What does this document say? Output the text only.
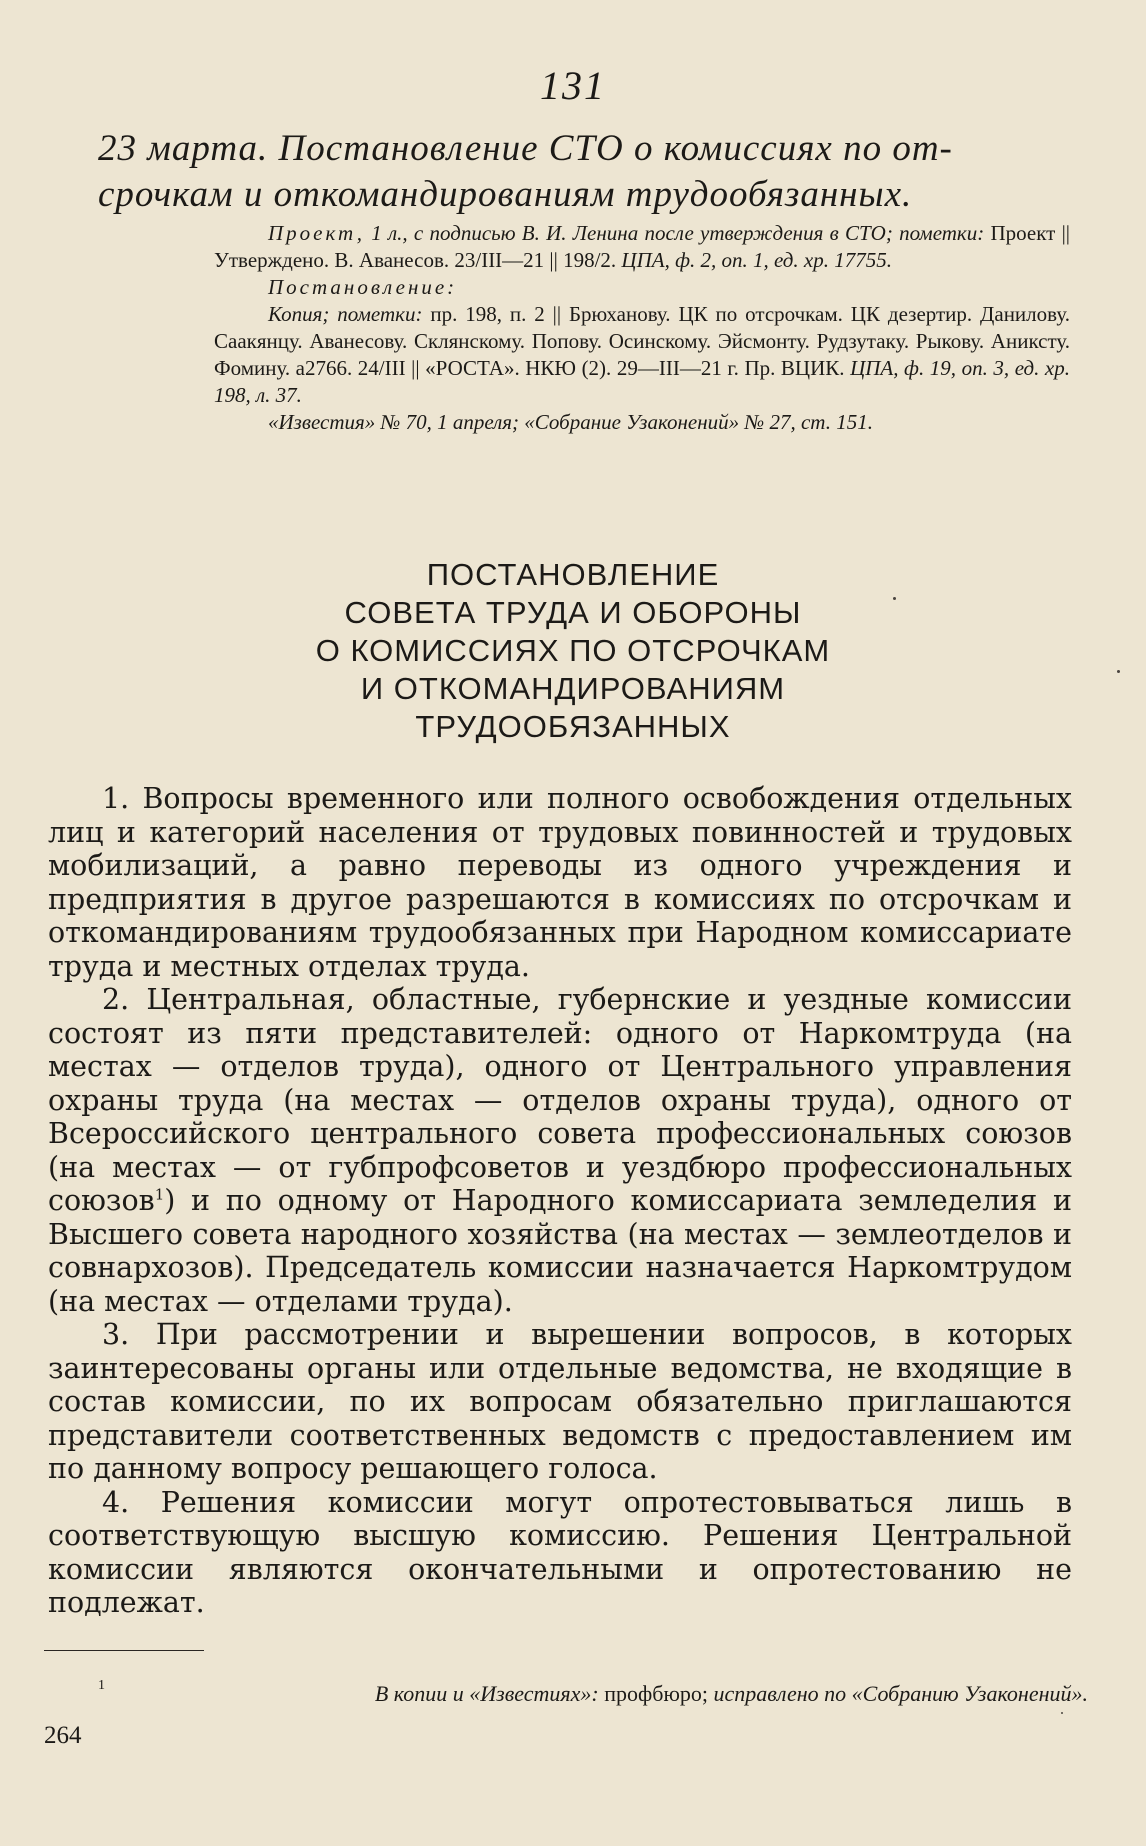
131
23 марта. Постановление СТО о комиссиях по от-

срочкам и откомандированиям трудообязанных.

Проект, 1 л., с подписью В. И. Ленина после утверждения в СТО; пометки: Проект || Утверждено. В. Аванесов. 23/III—21 || 198/2. ЦПА, ф. 2, оп. 1, ед. хр. 17755.

Постановление:

Копия; пометки: пр. 198, п. 2 || Брюханову. ЦК по отсрочкам. ЦК дезертир. Данилову. Саакянцу. Аванесову. Склянскому. Попову. Осинскому. Эйсмонту. Рудзутаку. Рыкову. Аниксту. Фомину. а2766. 24/III || «РОСТА». НКЮ (2). 29—III—21 г. Пр. ВЦИК. ЦПА, ф. 19, оп. 3, ед. хр. 198, л. 37.

«Известия» № 70, 1 апреля; «Собрание Узаконений» № 27, ст. 151.

ПОСТАНОВЛЕНИЕ
СОВЕТА ТРУДА И ОБОРОНЫ
О КОМИССИЯХ ПО ОТСРОЧКАМ
И ОТКОМАНДИРОВАНИЯМ
ТРУДООБЯЗАННЫХ

1. Вопросы временного или полного освобождения отдельных лиц и категорий населения от трудовых повинностей и трудовых мобилизаций, а равно переводы из одного учреждения и предприятия в другое разрешаются в комиссиях по отсрочкам и откомандированиям трудообязанных при Народном комиссариате труда и местных отделах труда.

2. Центральная, областные, губернские и уездные комиссии состоят из пяти представителей: одного от Наркомтруда (на местах — отделов труда), одного от Центрального управления охраны труда (на местах — отделов охраны труда), одного от Всероссийского центрального совета профессиональных союзов (на местах — от губпрофсоветов и уездбюро профессиональных союзов$^1$) и по одному от Народного комиссариата земледелия и Высшего совета народного хозяйства (на местах — землеотделов и совнархозов). Председатель комиссии назначается Наркомтрудом (на местах — отделами труда).

3. При рассмотрении и вырешении вопросов, в которых заинтересованы органы или отдельные ведомства, не входящие в состав комиссии, по их вопросам обязательно приглашаются представители соответственных ведомств с предоставлением им по данному вопросу решающего голоса.

4. Решения комиссии могут опротестовываться лишь в соответствующую высшую комиссию. Решения Центральной комиссии являются окончательными и опротестованию не подлежат.

1	В копии и «Известиях»: профбюро; исправлено по «Собранию Узаконений».
264
